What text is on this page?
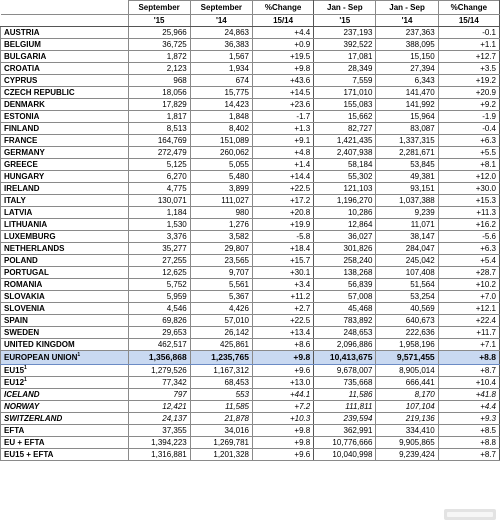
	September	September	%Change	Jan - Sep	Jan - Sep	%Change
	'15	'14	15/14	'15	'14	15/14
AUSTRIA	25,966	24,863	+4.4	237,193	237,363	-0.1
BELGIUM	36,725	36,383	+0.9	392,522	388,095	+1.1
BULGARIA	1,872	1,567	+19.5	17,081	15,150	+12.7
CROATIA	2,123	1,934	+9.8	28,349	27,394	+3.5
CYPRUS	968	674	+43.6	7,559	6,343	+19.2
CZECH REPUBLIC	18,056	15,775	+14.5	171,010	141,470	+20.9
DENMARK	17,829	14,423	+23.6	155,083	141,992	+9.2
ESTONIA	1,817	1,848	-1.7	15,662	15,964	-1.9
FINLAND	8,513	8,402	+1.3	82,727	83,087	-0.4
FRANCE	164,769	151,089	+9.1	1,421,435	1,337,315	+6.3
GERMANY	272,479	260,062	+4.8	2,407,938	2,281,671	+5.5
GREECE	5,125	5,055	+1.4	58,184	53,845	+8.1
HUNGARY	6,270	5,480	+14.4	55,302	49,381	+12.0
IRELAND	4,775	3,899	+22.5	121,103	93,151	+30.0
ITALY	130,071	111,027	+17.2	1,196,270	1,037,388	+15.3
LATVIA	1,184	980	+20.8	10,286	9,239	+11.3
LITHUANIA	1,530	1,276	+19.9	12,864	11,071	+16.2
LUXEMBURG	3,376	3,582	-5.8	36,027	38,147	-5.6
NETHERLANDS	35,277	29,807	+18.4	301,826	284,047	+6.3
POLAND	27,255	23,565	+15.7	258,240	245,042	+5.4
PORTUGAL	12,625	9,707	+30.1	138,268	107,408	+28.7
ROMANIA	5,752	5,561	+3.4	56,839	51,564	+10.2
SLOVAKIA	5,959	5,367	+11.2	57,008	53,254	+7.0
SLOVENIA	4,546	4,426	+2.7	45,468	40,569	+12.1
SPAIN	69,826	57,010	+22.5	783,892	640,673	+22.4
SWEDEN	29,653	26,142	+13.4	248,653	222,636	+11.7
UNITED KINGDOM	462,517	425,861	+8.6	2,096,886	1,958,196	+7.1
EUROPEAN UNION$^1$	1,356,868	1,235,765	+9.8	10,413,675	9,571,455	+8.8
$EU15^1$	1,279,526	1,167,312	+9.6	9,678,007	8,905,014	+8.7
$EU12^1$	77,342	68,453	+13.0	735,668	666,441	+10.4
ICELAND	797	553	+44.1	11,586	8,170	+41.8
NORWAY	12,421	11,585	+7.2	111,811	107,104	+4.4
SWITZERLAND	24,137	21,878	+10.3	239,594	219,136	+9.3
EFTA	37,355	34,016	+9.8	362,991	334,410	+8.5
EU + EFTA	1,394,223	1,269,781	+9.8	10,776,666	9,905,865	+8.8
EU15 + EFTA	1,316,881	1,201,328	+9.6	10,040,998	9,239,424	+8.7
